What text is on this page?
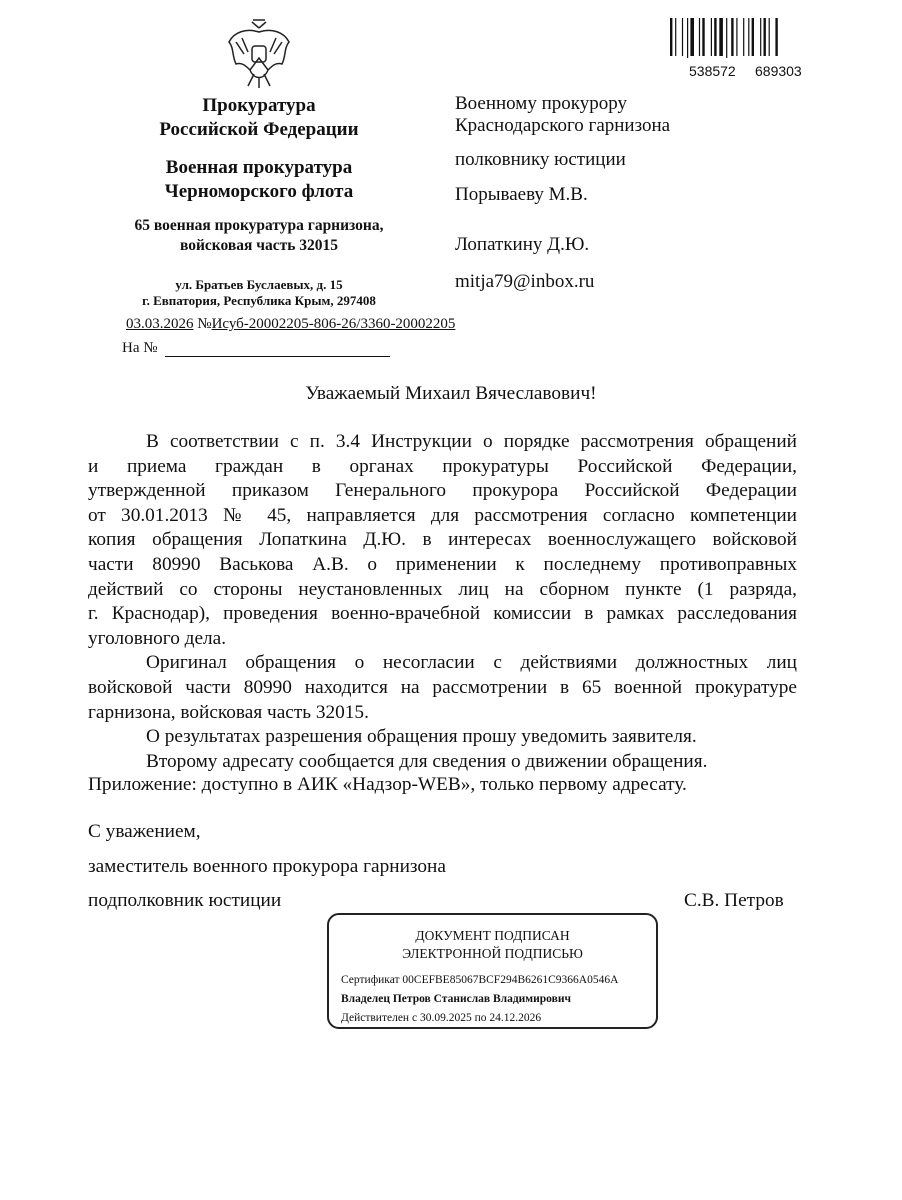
538572 689303
Прокуратура
Российской Федерации
Военная прокуратура
Черноморского флота
65 военная прокуратура гарнизона,
войсковая часть 32015
ул. Братьев Буслаевых, д. 15
г. Евпатория, Республика Крым, 297408
03.03.2026 №Исуб-20002205-806-26/3360-20002205
На №
Военному прокурору
Краснодарского гарнизона
полковнику юстиции
Порываеву М.В.
Лопаткину Д.Ю.
mitja79@inbox.ru
Уважаемый Михаил Вячеславович!
В соответствии с п. 3.4 Инструкции о порядке рассмотрения обращений
и приема граждан в органах прокуратуры Российской Федерации,
утвержденной приказом Генерального прокурора Российской Федерации
от 30.01.2013 № 45, направляется для рассмотрения согласно компетенции
копия обращения Лопаткина Д.Ю. в интересах военнослужащего войсковой
части 80990 Васькова А.В. о применении к последнему противоправных
действий со стороны неустановленных лиц на сборном пункте (1 разряда,
г. Краснодар), проведения военно-врачебной комиссии в рамках расследования
уголовного дела.
Оригинал обращения о несогласии с действиями должностных лиц
войсковой части 80990 находится на рассмотрении в 65 военной прокуратуре
гарнизона, войсковая часть 32015.
О результатах разрешения обращения прошу уведомить заявителя.
Второму адресату сообщается для сведения о движении обращения.
Приложение: доступно в АИК «Надзор-WEB», только первому адресату.
С уважением,
заместитель военного прокурора гарнизона
подполковник юстиции	С.В. Петров
ДОКУМЕНТ ПОДПИСАН
ЭЛЕКТРОННОЙ ПОДПИСЬЮ
Сертификат 00CEFBE85067BCF294B6261C9366A0546A
Владелец Петров Станислав Владимирович
Действителен с 30.09.2025 по 24.12.2026
